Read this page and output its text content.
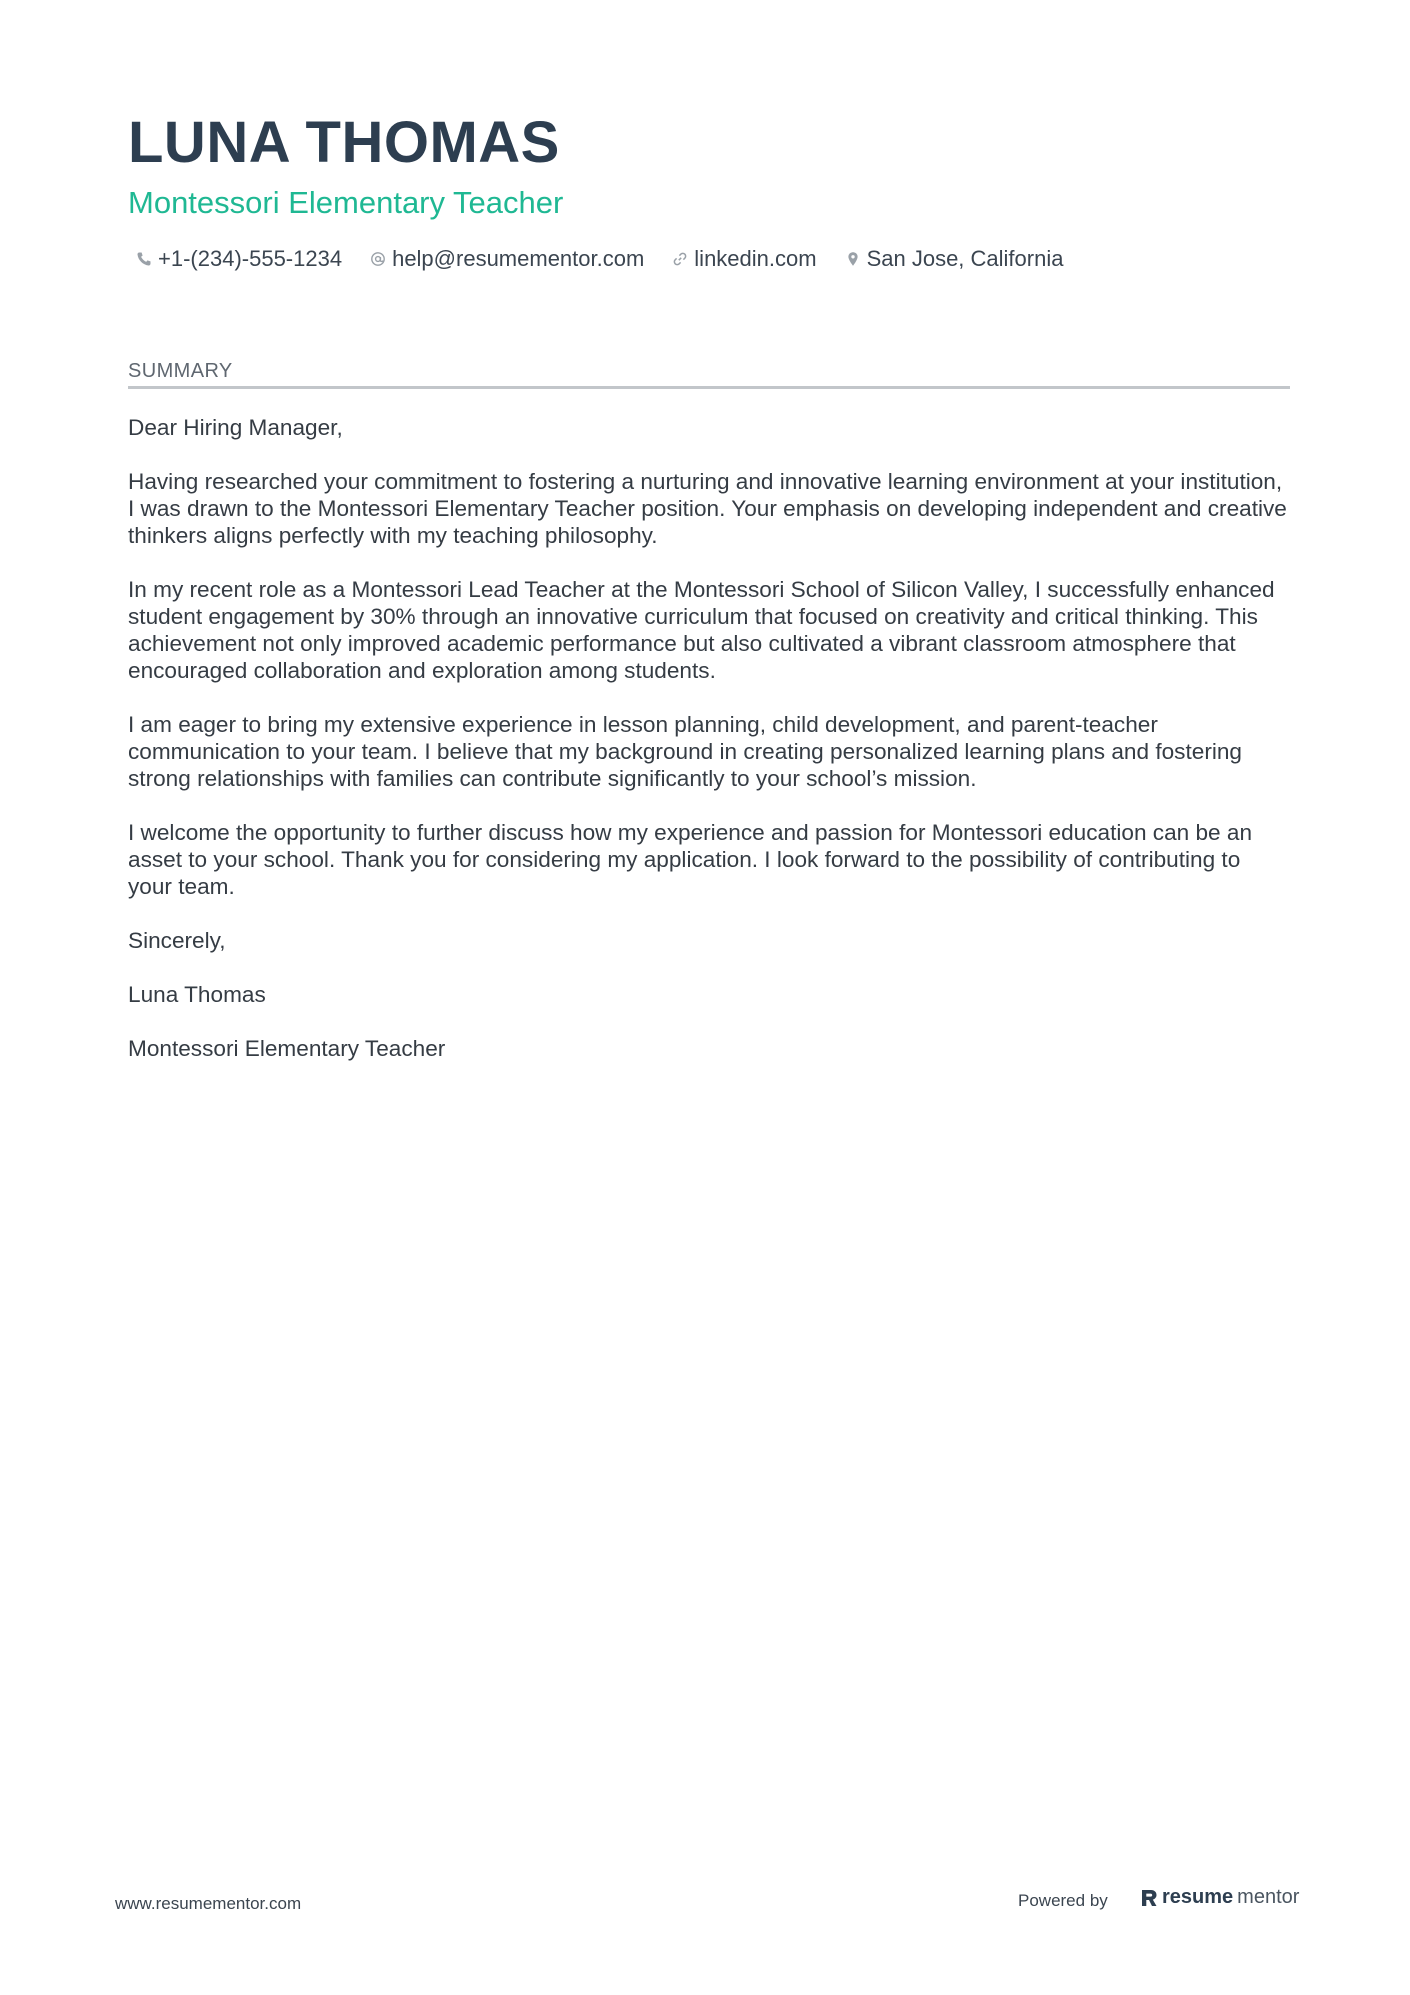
LUNA THOMAS
Montessori Elementary Teacher
+1-(234)-555-1234 help@resumementor.com linkedin.com San Jose, California
SUMMARY

Dear Hiring Manager,

Having researched your commitment to fostering a nurturing and innovative learning environment at your institution, I was drawn to the Montessori Elementary Teacher position. Your emphasis on developing independent and creative thinkers aligns perfectly with my teaching philosophy.

In my recent role as a Montessori Lead Teacher at the Montessori School of Silicon Valley, I successfully enhanced student engagement by 30% through an innovative curriculum that focused on creativity and critical thinking. This achievement not only improved academic performance but also cultivated a vibrant classroom atmosphere that encouraged collaboration and exploration among students.

I am eager to bring my extensive experience in lesson planning, child development, and parent-teacher communication to your team. I believe that my background in creating personalized learning plans and fostering strong relationships with families can contribute significantly to your school’s mission.

I welcome the opportunity to further discuss how my experience and passion for Montessori education can be an asset to your school. Thank you for considering my application. I look forward to the possibility of contributing to your team.

Sincerely,

Luna Thomas

Montessori Elementary Teacher

www.resumementor.com	Powered by	resume mentor
